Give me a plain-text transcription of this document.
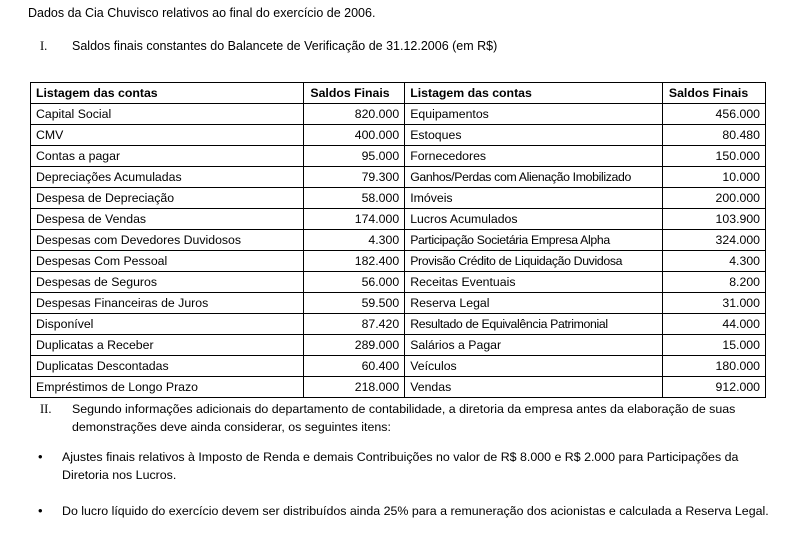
Dados da Cia Chuvisco relativos ao final do exercício de 2006.
I.	Saldos finais constantes do Balancete de Verificação de 31.12.2006 (em R$)
Listagem das contas	Saldos Finais	Listagem das contas	Saldos Finais
Capital Social	820.000	Equipamentos	456.000
CMV	400.000	Estoques	80.480
Contas a pagar	95.000	Fornecedores	150.000
Depreciações Acumuladas	79.300	Ganhos/Perdas com Alienação Imobilizado	10.000
Despesa de Depreciação	58.000	Imóveis	200.000
Despesa de Vendas	174.000	Lucros Acumulados	103.900
Despesas com Devedores Duvidosos	4.300	Participação Societária Empresa Alpha	324.000
Despesas Com Pessoal	182.400	Provisão Crédito de Liquidação Duvidosa	4.300
Despesas de Seguros	56.000	Receitas Eventuais	8.200
Despesas Financeiras de Juros	59.500	Reserva Legal	31.000
Disponível	87.420	Resultado de Equivalência Patrimonial	44.000
Duplicatas a Receber	289.000	Salários a Pagar	15.000
Duplicatas Descontadas	60.400	Veículos	180.000
Empréstimos de Longo Prazo	218.000	Vendas	912.000
II.	Segundo informações adicionais do departamento de contabilidade, a diretoria da empresa antes da elaboração de suas demonstrações deve ainda considerar, os seguintes itens:
•	Ajustes finais relativos à Imposto de Renda e demais Contribuições no valor de R$ 8.000 e R$ 2.000 para Participações da Diretoria nos Lucros.
•	Do lucro líquido do exercício devem ser distribuídos ainda 25% para a remuneração dos acionistas e calculada a Reserva Legal.
